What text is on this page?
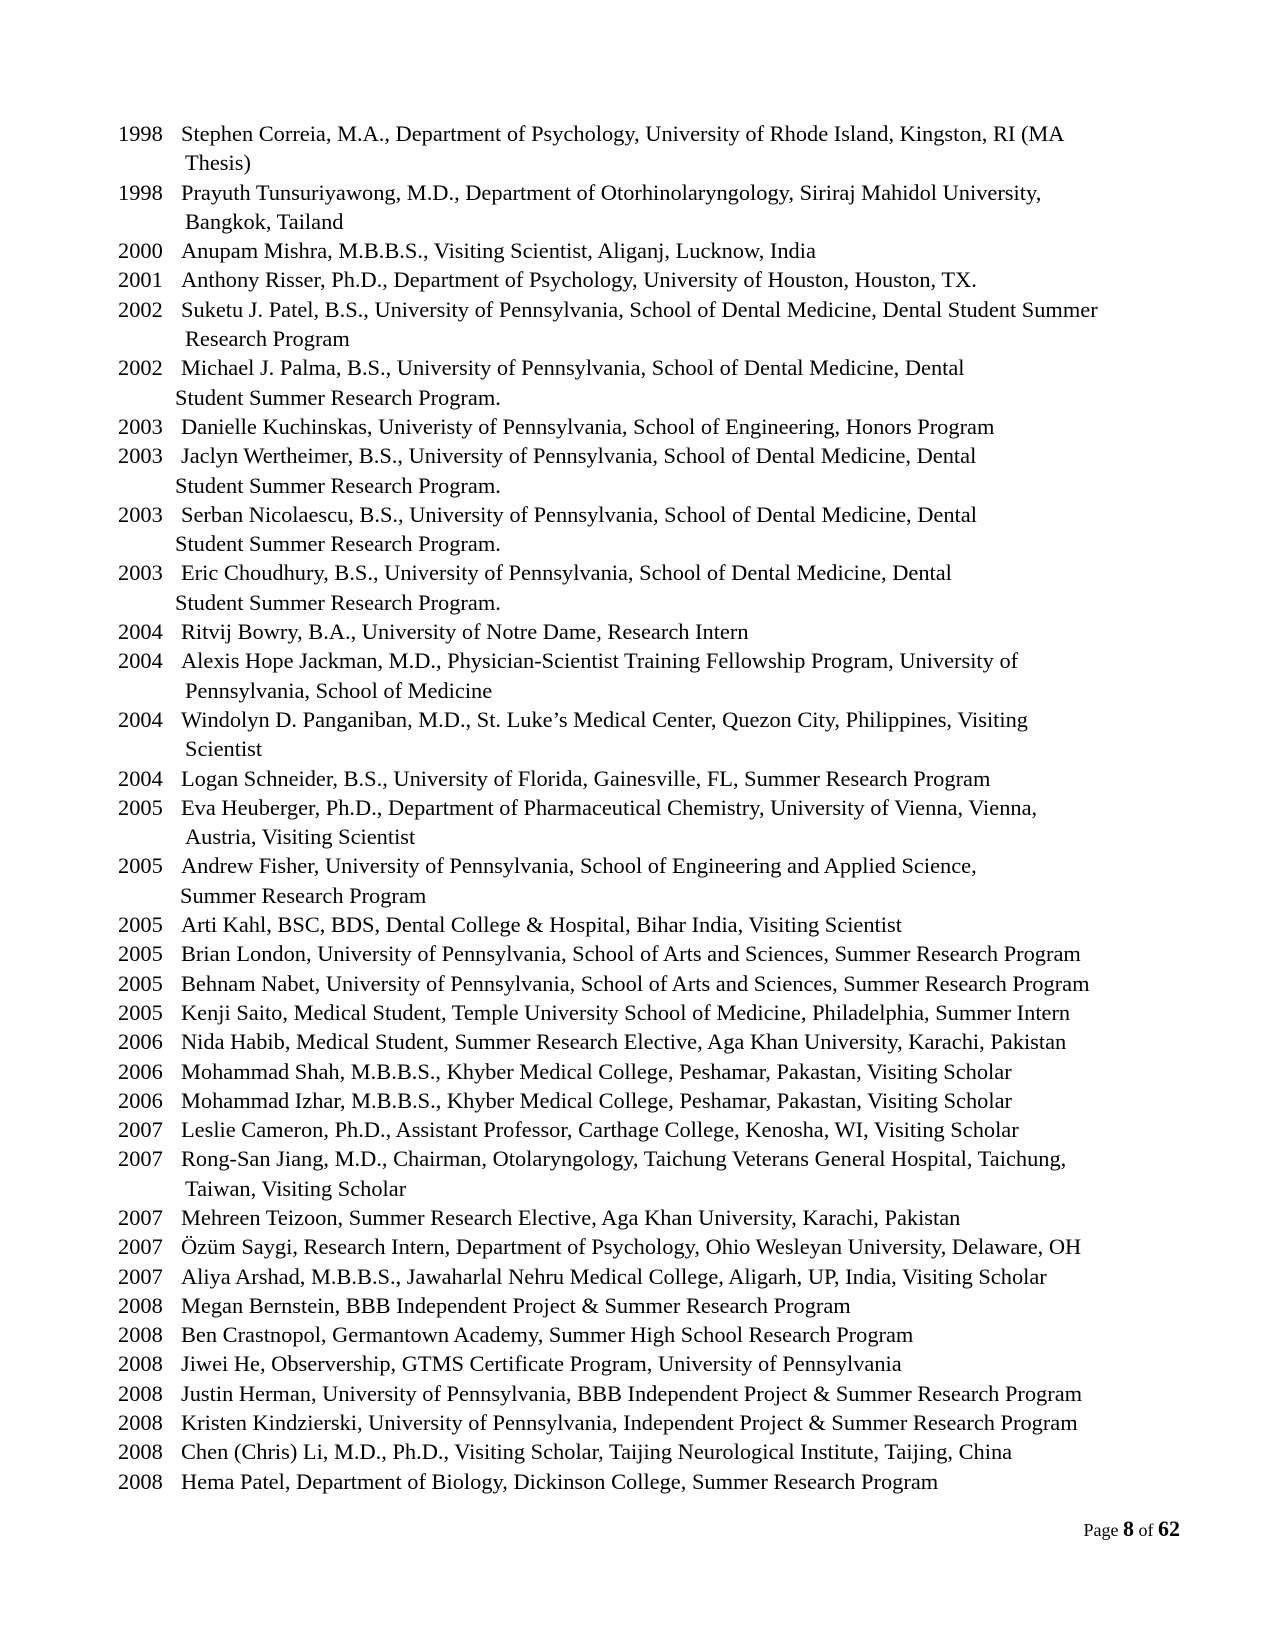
1998 Stephen Correia, M.A., Department of Psychology, University of Rhode Island, Kingston, RI (MA
Thesis)
1998 Prayuth Tunsuriyawong, M.D., Department of Otorhinolaryngology, Siriraj Mahidol University,
Bangkok, Tailand
2000 Anupam Mishra, M.B.B.S., Visiting Scientist, Aliganj, Lucknow, India
2001 Anthony Risser, Ph.D., Department of Psychology, University of Houston, Houston, TX.
2002 Suketu J. Patel, B.S., University of Pennsylvania, School of Dental Medicine, Dental Student Summer
Research Program
2002 Michael J. Palma, B.S., University of Pennsylvania, School of Dental Medicine, Dental
Student Summer Research Program.
2003 Danielle Kuchinskas, Univeristy of Pennsylvania, School of Engineering, Honors Program
2003 Jaclyn Wertheimer, B.S., University of Pennsylvania, School of Dental Medicine, Dental
Student Summer Research Program.
2003 Serban Nicolaescu, B.S., University of Pennsylvania, School of Dental Medicine, Dental
Student Summer Research Program.
2003 Eric Choudhury, B.S., University of Pennsylvania, School of Dental Medicine, Dental
Student Summer Research Program.
2004 Ritvij Bowry, B.A., University of Notre Dame, Research Intern
2004 Alexis Hope Jackman, M.D., Physician-Scientist Training Fellowship Program, University of
Pennsylvania, School of Medicine
2004 Windolyn D. Panganiban, M.D., St. Luke’s Medical Center, Quezon City, Philippines, Visiting
Scientist
2004 Logan Schneider, B.S., University of Florida, Gainesville, FL, Summer Research Program
2005 Eva Heuberger, Ph.D., Department of Pharmaceutical Chemistry, University of Vienna, Vienna,
Austria, Visiting Scientist
2005 Andrew Fisher, University of Pennsylvania, School of Engineering and Applied Science,
Summer Research Program
2005 Arti Kahl, BSC, BDS, Dental College & Hospital, Bihar India, Visiting Scientist
2005 Brian London, University of Pennsylvania, School of Arts and Sciences, Summer Research Program
2005 Behnam Nabet, University of Pennsylvania, School of Arts and Sciences, Summer Research Program
2005 Kenji Saito, Medical Student, Temple University School of Medicine, Philadelphia, Summer Intern
2006 Nida Habib, Medical Student, Summer Research Elective, Aga Khan University, Karachi, Pakistan
2006 Mohammad Shah, M.B.B.S., Khyber Medical College, Peshamar, Pakastan, Visiting Scholar
2006 Mohammad Izhar, M.B.B.S., Khyber Medical College, Peshamar, Pakastan, Visiting Scholar
2007 Leslie Cameron, Ph.D., Assistant Professor, Carthage College, Kenosha, WI, Visiting Scholar
2007 Rong-San Jiang, M.D., Chairman, Otolaryngology, Taichung Veterans General Hospital, Taichung,
Taiwan, Visiting Scholar
2007 Mehreen Teizoon, Summer Research Elective, Aga Khan University, Karachi, Pakistan
2007 Özüm Saygi, Research Intern, Department of Psychology, Ohio Wesleyan University, Delaware, OH
2007 Aliya Arshad, M.B.B.S., Jawaharlal Nehru Medical College, Aligarh, UP, India, Visiting Scholar
2008 Megan Bernstein, BBB Independent Project & Summer Research Program
2008 Ben Crastnopol, Germantown Academy, Summer High School Research Program
2008 Jiwei He, Observership, GTMS Certificate Program, University of Pennsylvania
2008 Justin Herman, University of Pennsylvania, BBB Independent Project & Summer Research Program
2008 Kristen Kindzierski, University of Pennsylvania, Independent Project & Summer Research Program
2008 Chen (Chris) Li, M.D., Ph.D., Visiting Scholar, Taijing Neurological Institute, Taijing, China
2008 Hema Patel, Department of Biology, Dickinson College, Summer Research Program
Page 8 of 62
